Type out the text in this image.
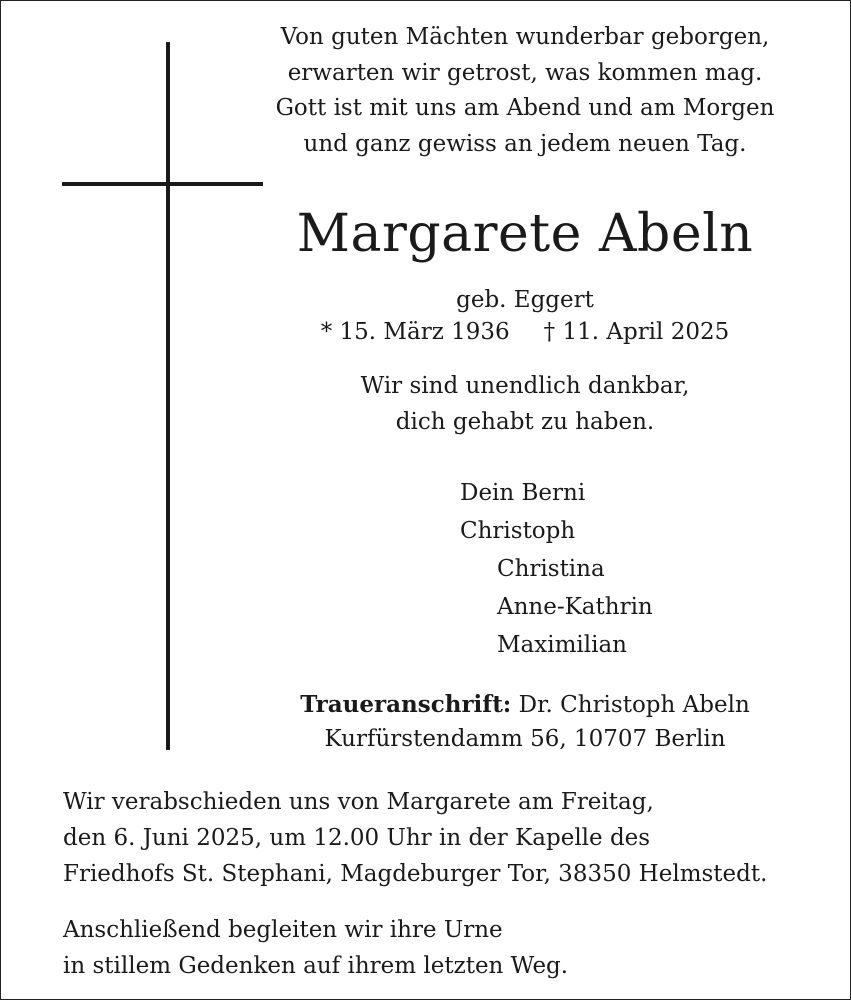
Von guten Mächten wunderbar geborgen,
erwarten wir getrost, was kommen mag.
Gott ist mit uns am Abend und am Morgen
und ganz gewiss an jedem neuen Tag.
Margarete Abeln
geb. Eggert
* 15. März 1936 † 11. April 2025
Wir sind unendlich dankbar,
dich gehabt zu haben.
Dein Berni
Christoph
Christina
Anne-Kathrin
Maximilian
Traueranschrift: Dr. Christoph Abeln
Kurfürstendamm 56, 10707 Berlin
Wir verabschieden uns von Margarete am Freitag,
den 6. Juni 2025, um 12.00 Uhr in der Kapelle des
Friedhofs St. Stephani, Magdeburger Tor, 38350 Helmstedt.
Anschließend begleiten wir ihre Urne
in stillem Gedenken auf ihrem letzten Weg.
